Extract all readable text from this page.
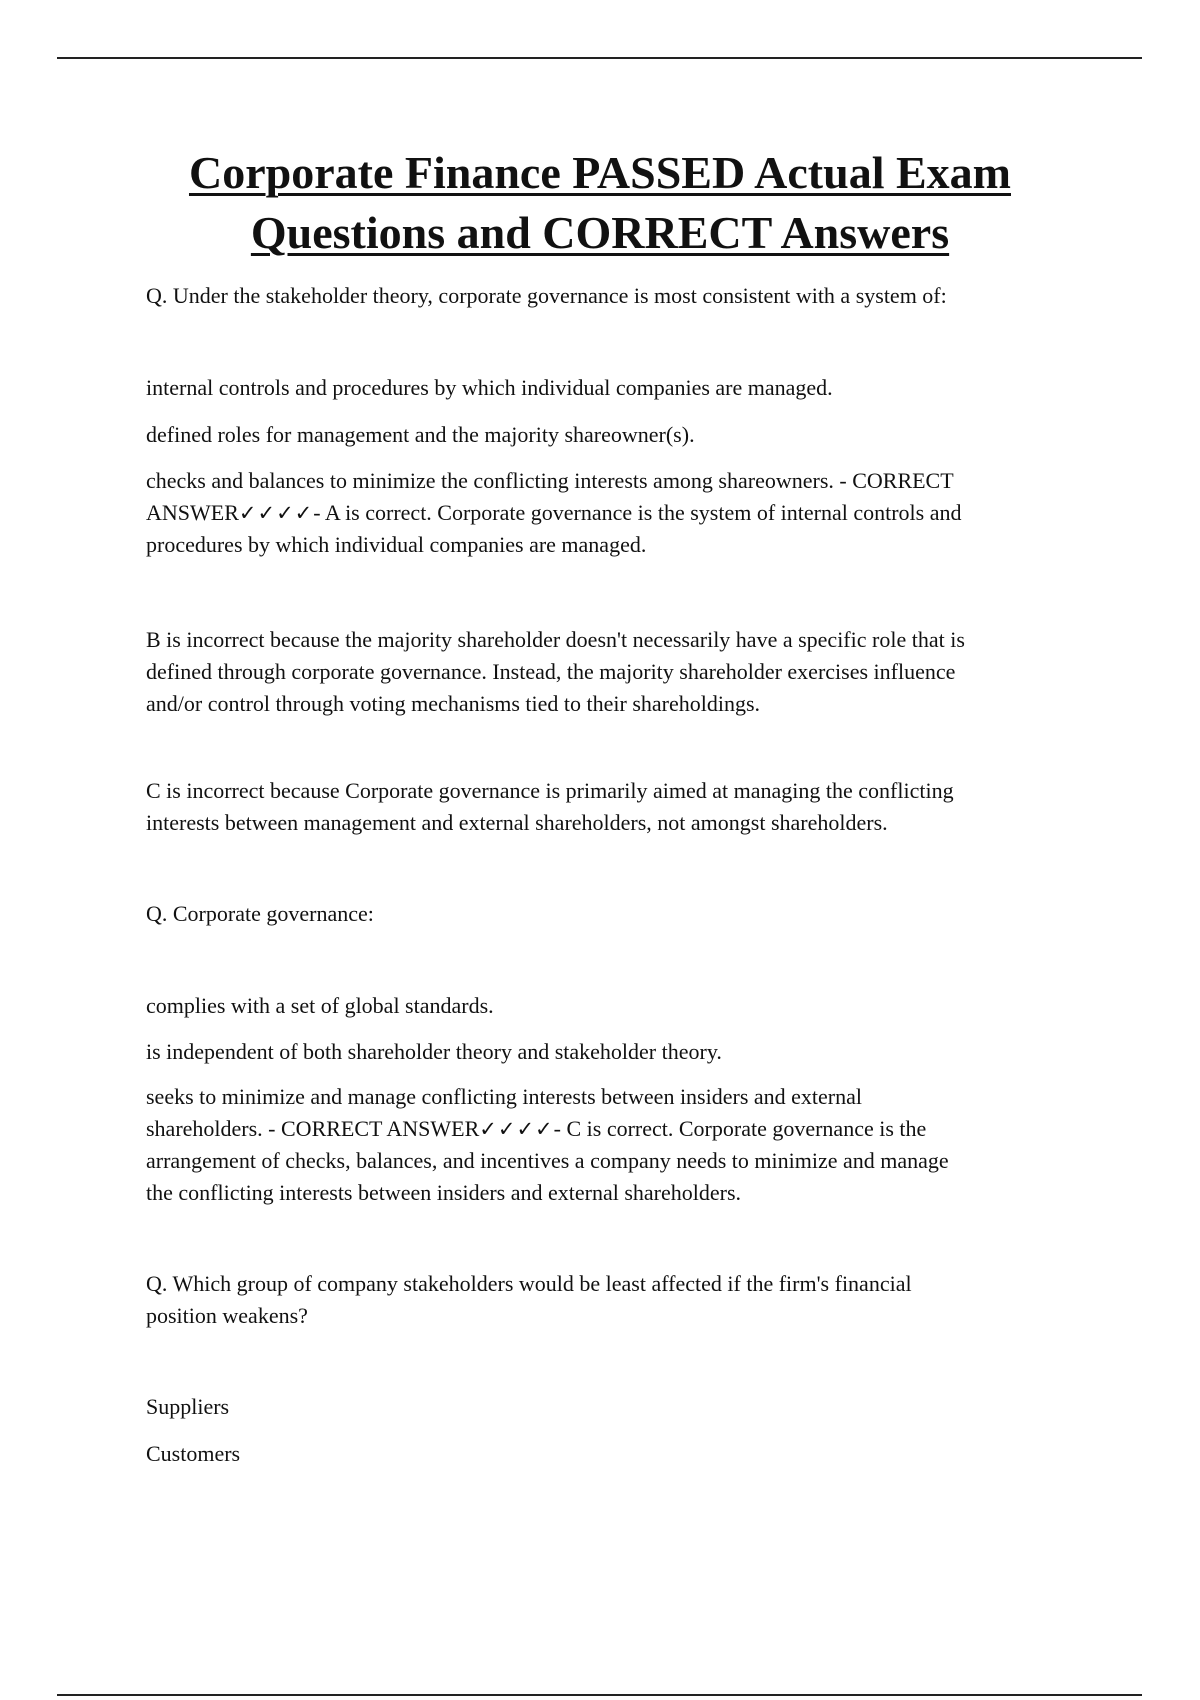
Corporate Finance PASSED Actual Exam
Questions and CORRECT Answers

Q. Under the stakeholder theory, corporate governance is most consistent with a system of:

internal controls and procedures by which individual companies are managed.

defined roles for management and the majority shareowner(s).

checks and balances to minimize the conflicting interests among shareowners. - CORRECT
ANSWER✓✓✓✓- A is correct. Corporate governance is the system of internal controls and
procedures by which individual companies are managed.

B is incorrect because the majority shareholder doesn't necessarily have a specific role that is
defined through corporate governance. Instead, the majority shareholder exercises influence
and/or control through voting mechanisms tied to their shareholdings.

C is incorrect because Corporate governance is primarily aimed at managing the conflicting
interests between management and external shareholders, not amongst shareholders.

Q. Corporate governance:

complies with a set of global standards.

is independent of both shareholder theory and stakeholder theory.

seeks to minimize and manage conflicting interests between insiders and external
shareholders. - CORRECT ANSWER✓✓✓✓- C is correct. Corporate governance is the
arrangement of checks, balances, and incentives a company needs to minimize and manage
the conflicting interests between insiders and external shareholders.

Q. Which group of company stakeholders would be least affected if the firm's financial
position weakens?

Suppliers

Customers
